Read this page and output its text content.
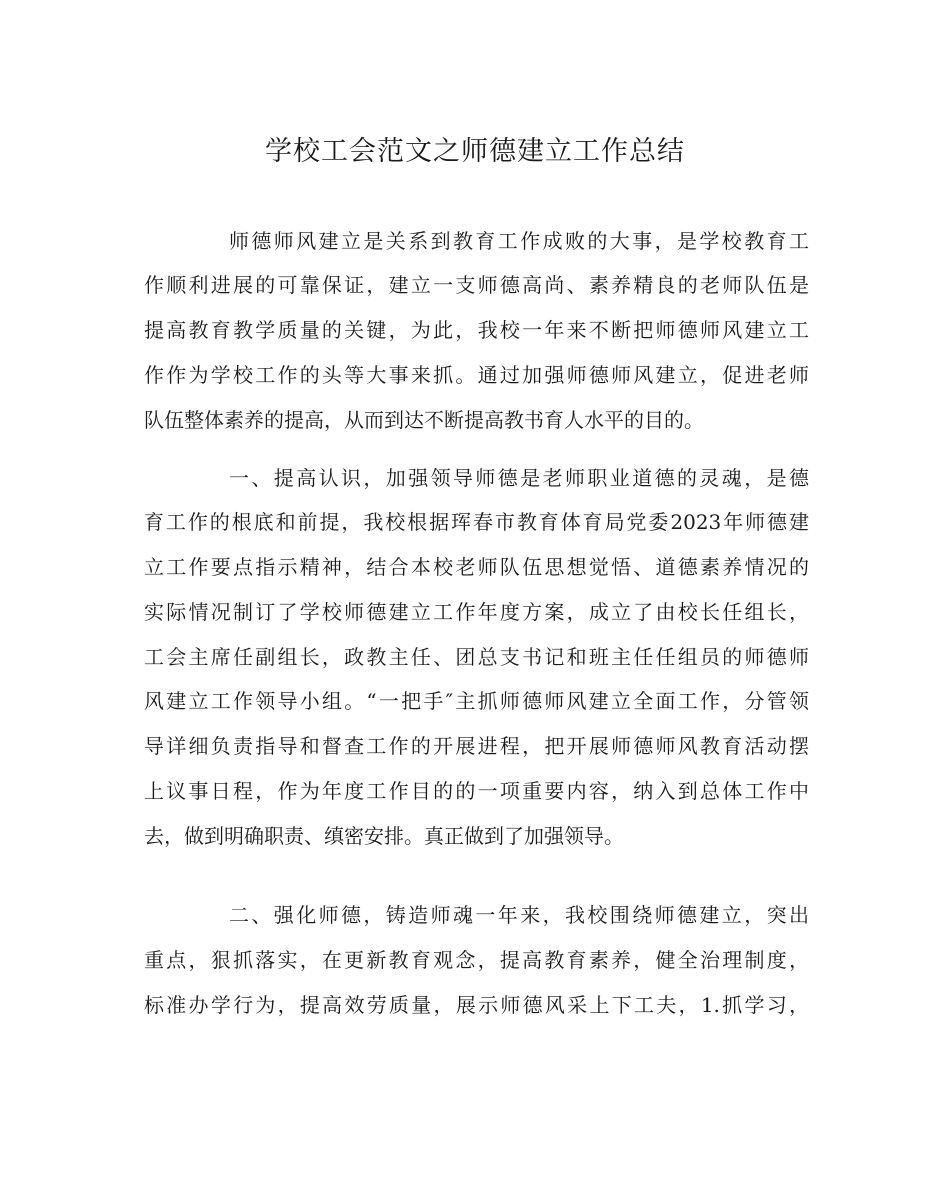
学校工会范文之师德建立工作总结
师德师风建立是关系到教育工作成败的大事，是学校教育工
作顺利进展的可靠保证，建立一支师德高尚、素养精良的老师队伍是
提高教育教学质量的关键，为此，我校一年来不断把师德师风建立工
作作为学校工作的头等大事来抓。通过加强师德师风建立，促进老师
队伍整体素养的提高，从而到达不断提高教书育人水平的目的。
一、提高认识，加强领导师德是老师职业道德的灵魂，是德
育工作的根底和前提，我校根据珲春市教育体育局党委2023年师德建
立工作要点指示精神，结合本校老师队伍思想觉悟、道德素养情况的
实际情况制订了学校师德建立工作年度方案，成立了由校长任组长，
工会主席任副组长，政教主任、团总支书记和班主任任组员的师德师
风建立工作领导小组。“一把手″主抓师德师风建立全面工作，分管领
导详细负责指导和督查工作的开展进程，把开展师德师风教育活动摆
上议事日程，作为年度工作目的的一项重要内容，纳入到总体工作中
去，做到明确职责、缜密安排。真正做到了加强领导。
二、强化师德，铸造师魂一年来，我校围绕师德建立，突出
重点，狠抓落实，在更新教育观念，提高教育素养，健全治理制度，
标准办学行为，提高效劳质量，展示师德风采上下工夫，1.抓学习，
